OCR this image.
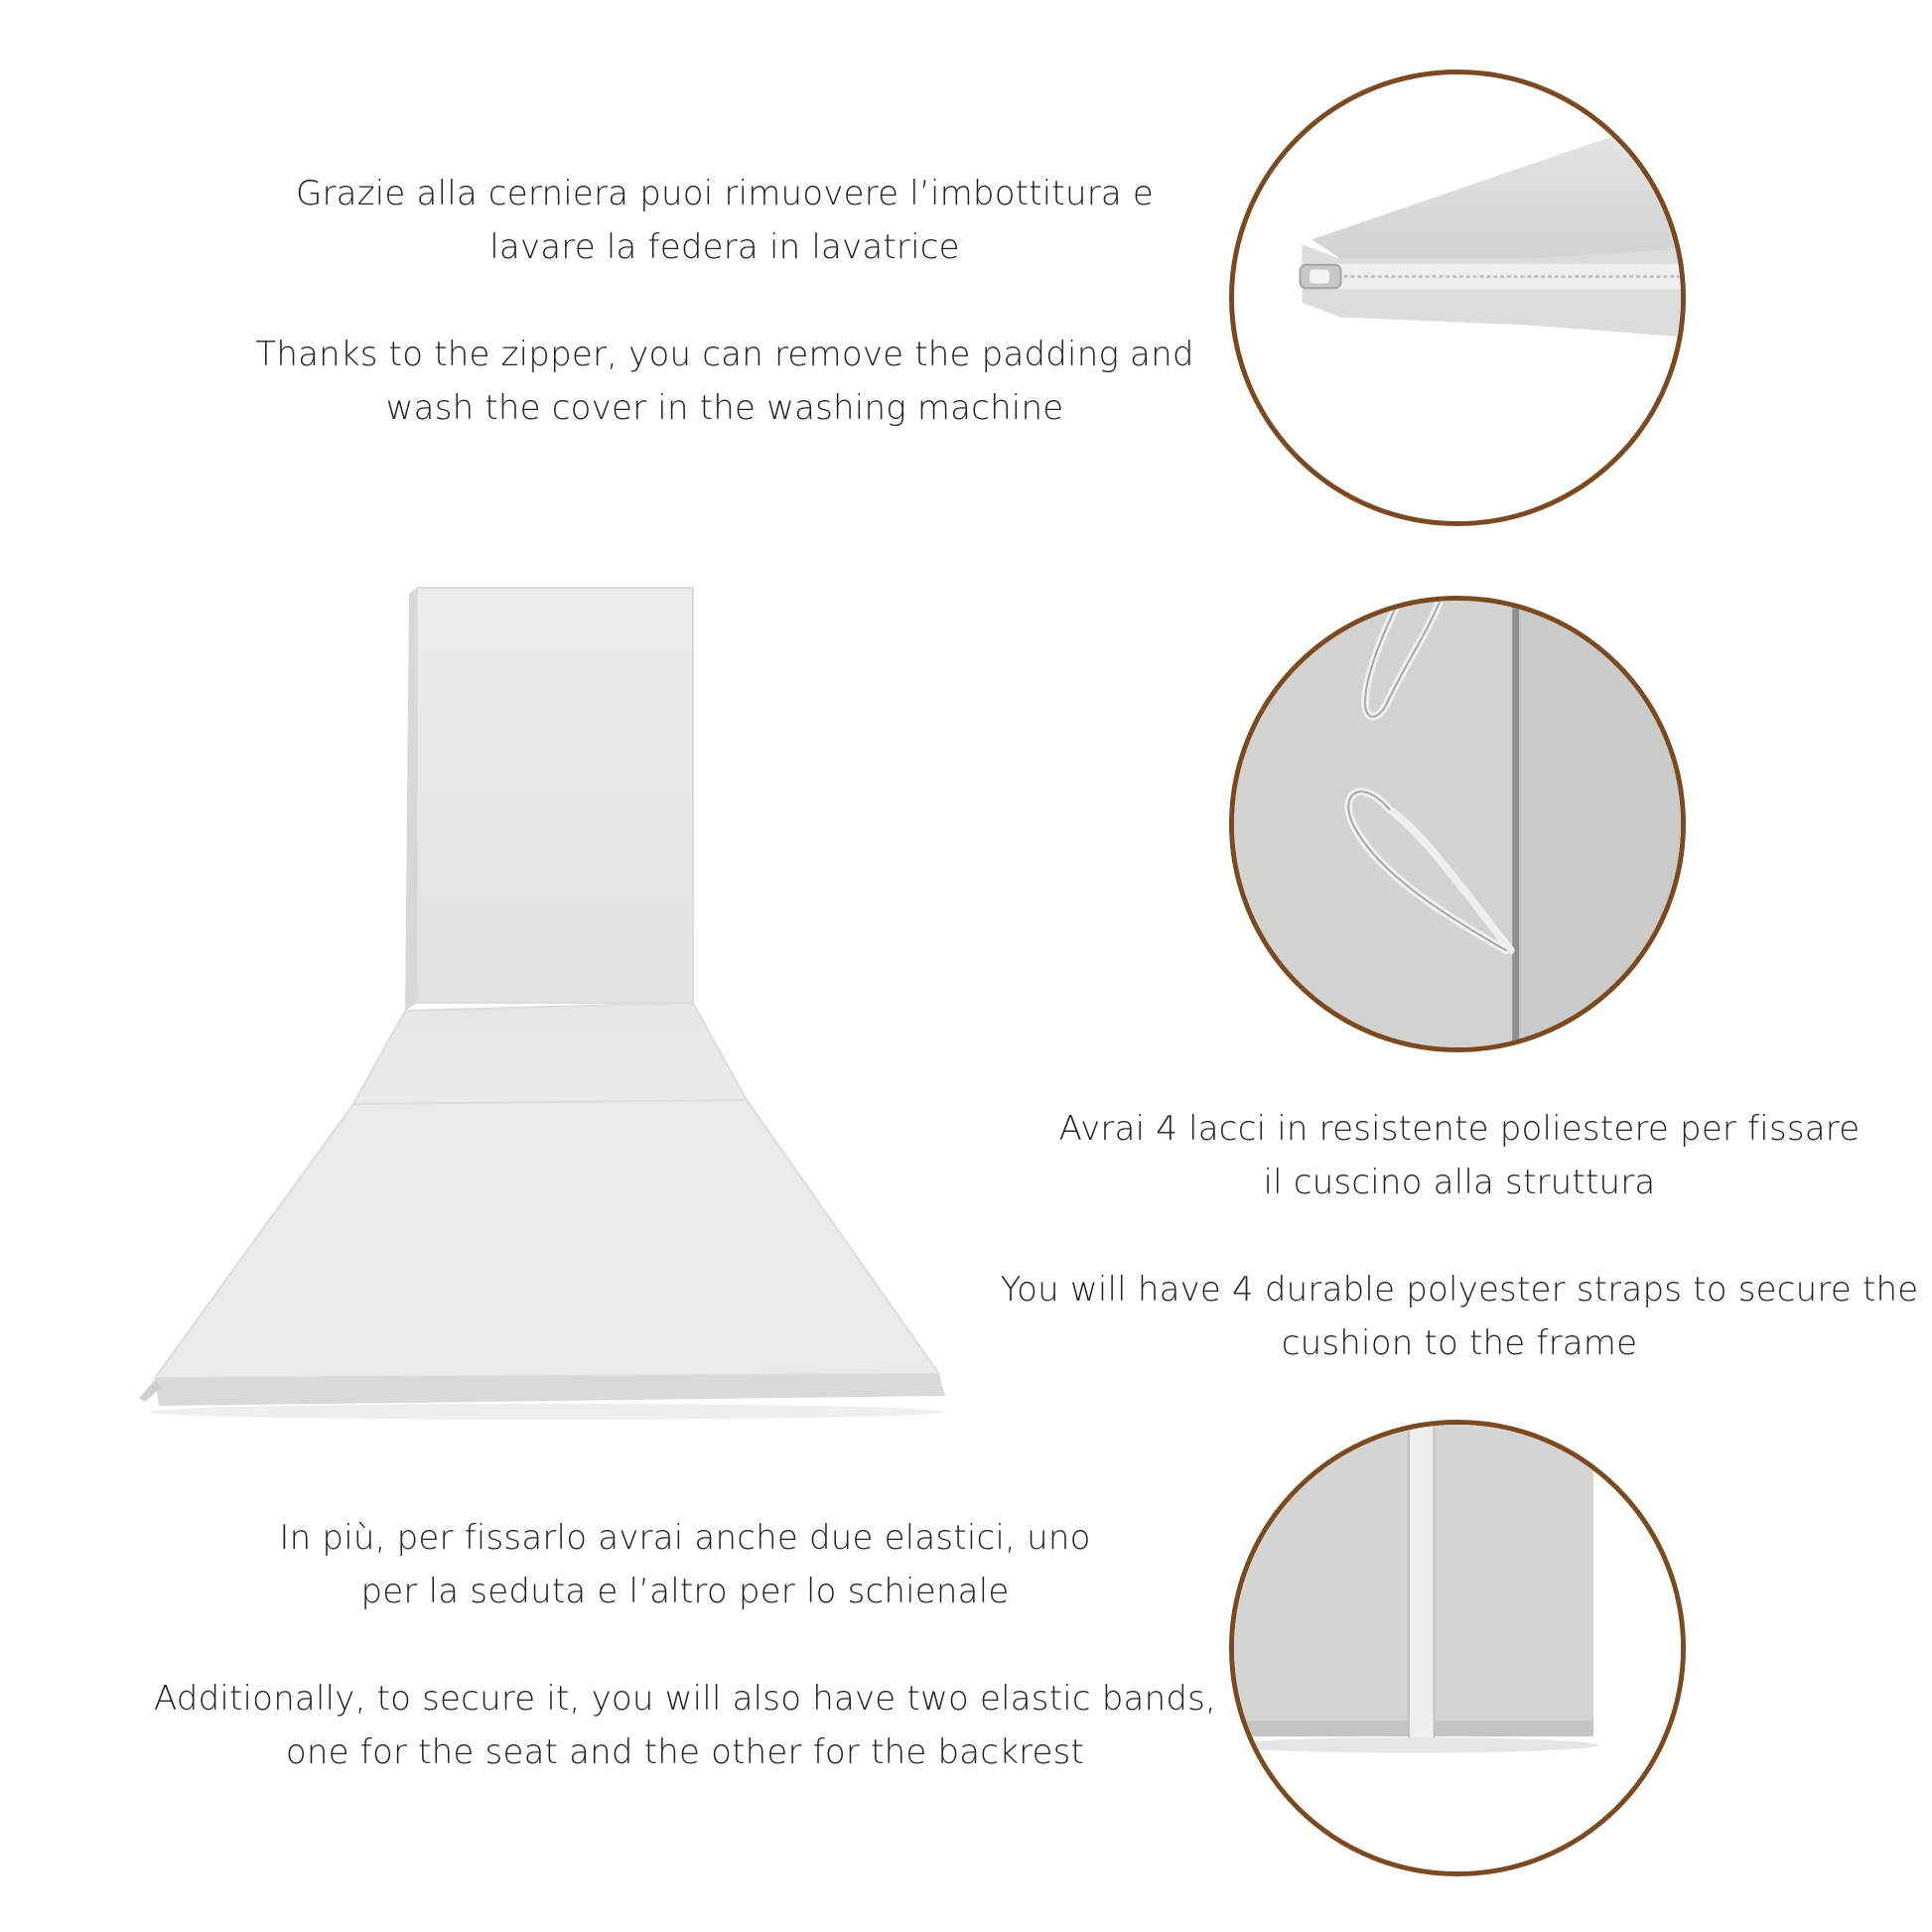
Grazie alla cerniera puoi rimuovere l’imbottitura e
lavare la federa in lavatrice

Thanks to the zipper, you can remove the padding and
wash the cover in the washing machine

Avrai 4 lacci in resistente poliestere per fissare
il cuscino alla struttura

You will have 4 durable polyester straps to secure the
cushion to the frame

In più, per fissarlo avrai anche due elastici, uno
per la seduta e l’altro per lo schienale

Additionally, to secure it, you will also have two elastic bands,
one for the seat and the other for the backrest
